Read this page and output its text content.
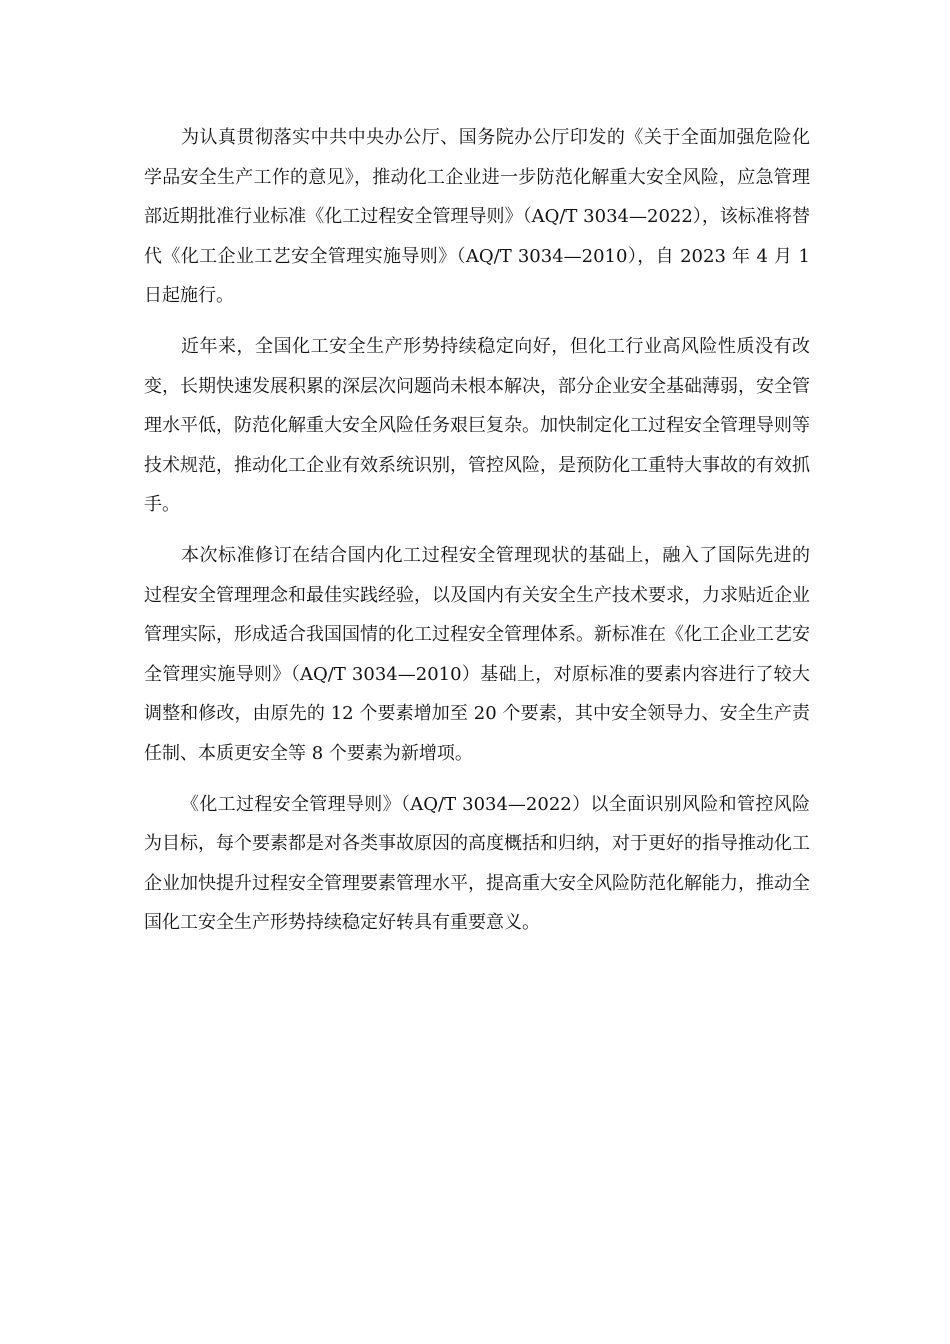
为认真贯彻落实中共中央办公厅、国务院办公厅印发的《关于全面加强危险化学品安全生产工作的意见》，推动化工企业进一步防范化解重大安全风险，应急管理部近期批准行业标准《化工过程安全管理导则》（AQ/T 3034—2022），该标准将替代《化工企业工艺安全管理实施导则》（AQ/T 3034—2010），自 2023 年 4 月 1 日起施行。

近年来，全国化工安全生产形势持续稳定向好，但化工行业高风险性质没有改变，长期快速发展积累的深层次问题尚未根本解决，部分企业安全基础薄弱，安全管理水平低，防范化解重大安全风险任务艰巨复杂。加快制定化工过程安全管理导则等技术规范，推动化工企业有效系统识别，管控风险，是预防化工重特大事故的有效抓手。

本次标准修订在结合国内化工过程安全管理现状的基础上，融入了国际先进的过程安全管理理念和最佳实践经验，以及国内有关安全生产技术要求，力求贴近企业管理实际，形成适合我国国情的化工过程安全管理体系。新标准在《化工企业工艺安全管理实施导则》（AQ/T 3034—2010）基础上，对原标准的要素内容进行了较大调整和修改，由原先的 12 个要素增加至 20 个要素，其中安全领导力、安全生产责任制、本质更安全等 8 个要素为新增项。

《化工过程安全管理导则》（AQ/T 3034—2022）以全面识别风险和管控风险为目标，每个要素都是对各类事故原因的高度概括和归纳，对于更好的指导推动化工企业加快提升过程安全管理要素管理水平，提高重大安全风险防范化解能力，推动全国化工安全生产形势持续稳定好转具有重要意义。
